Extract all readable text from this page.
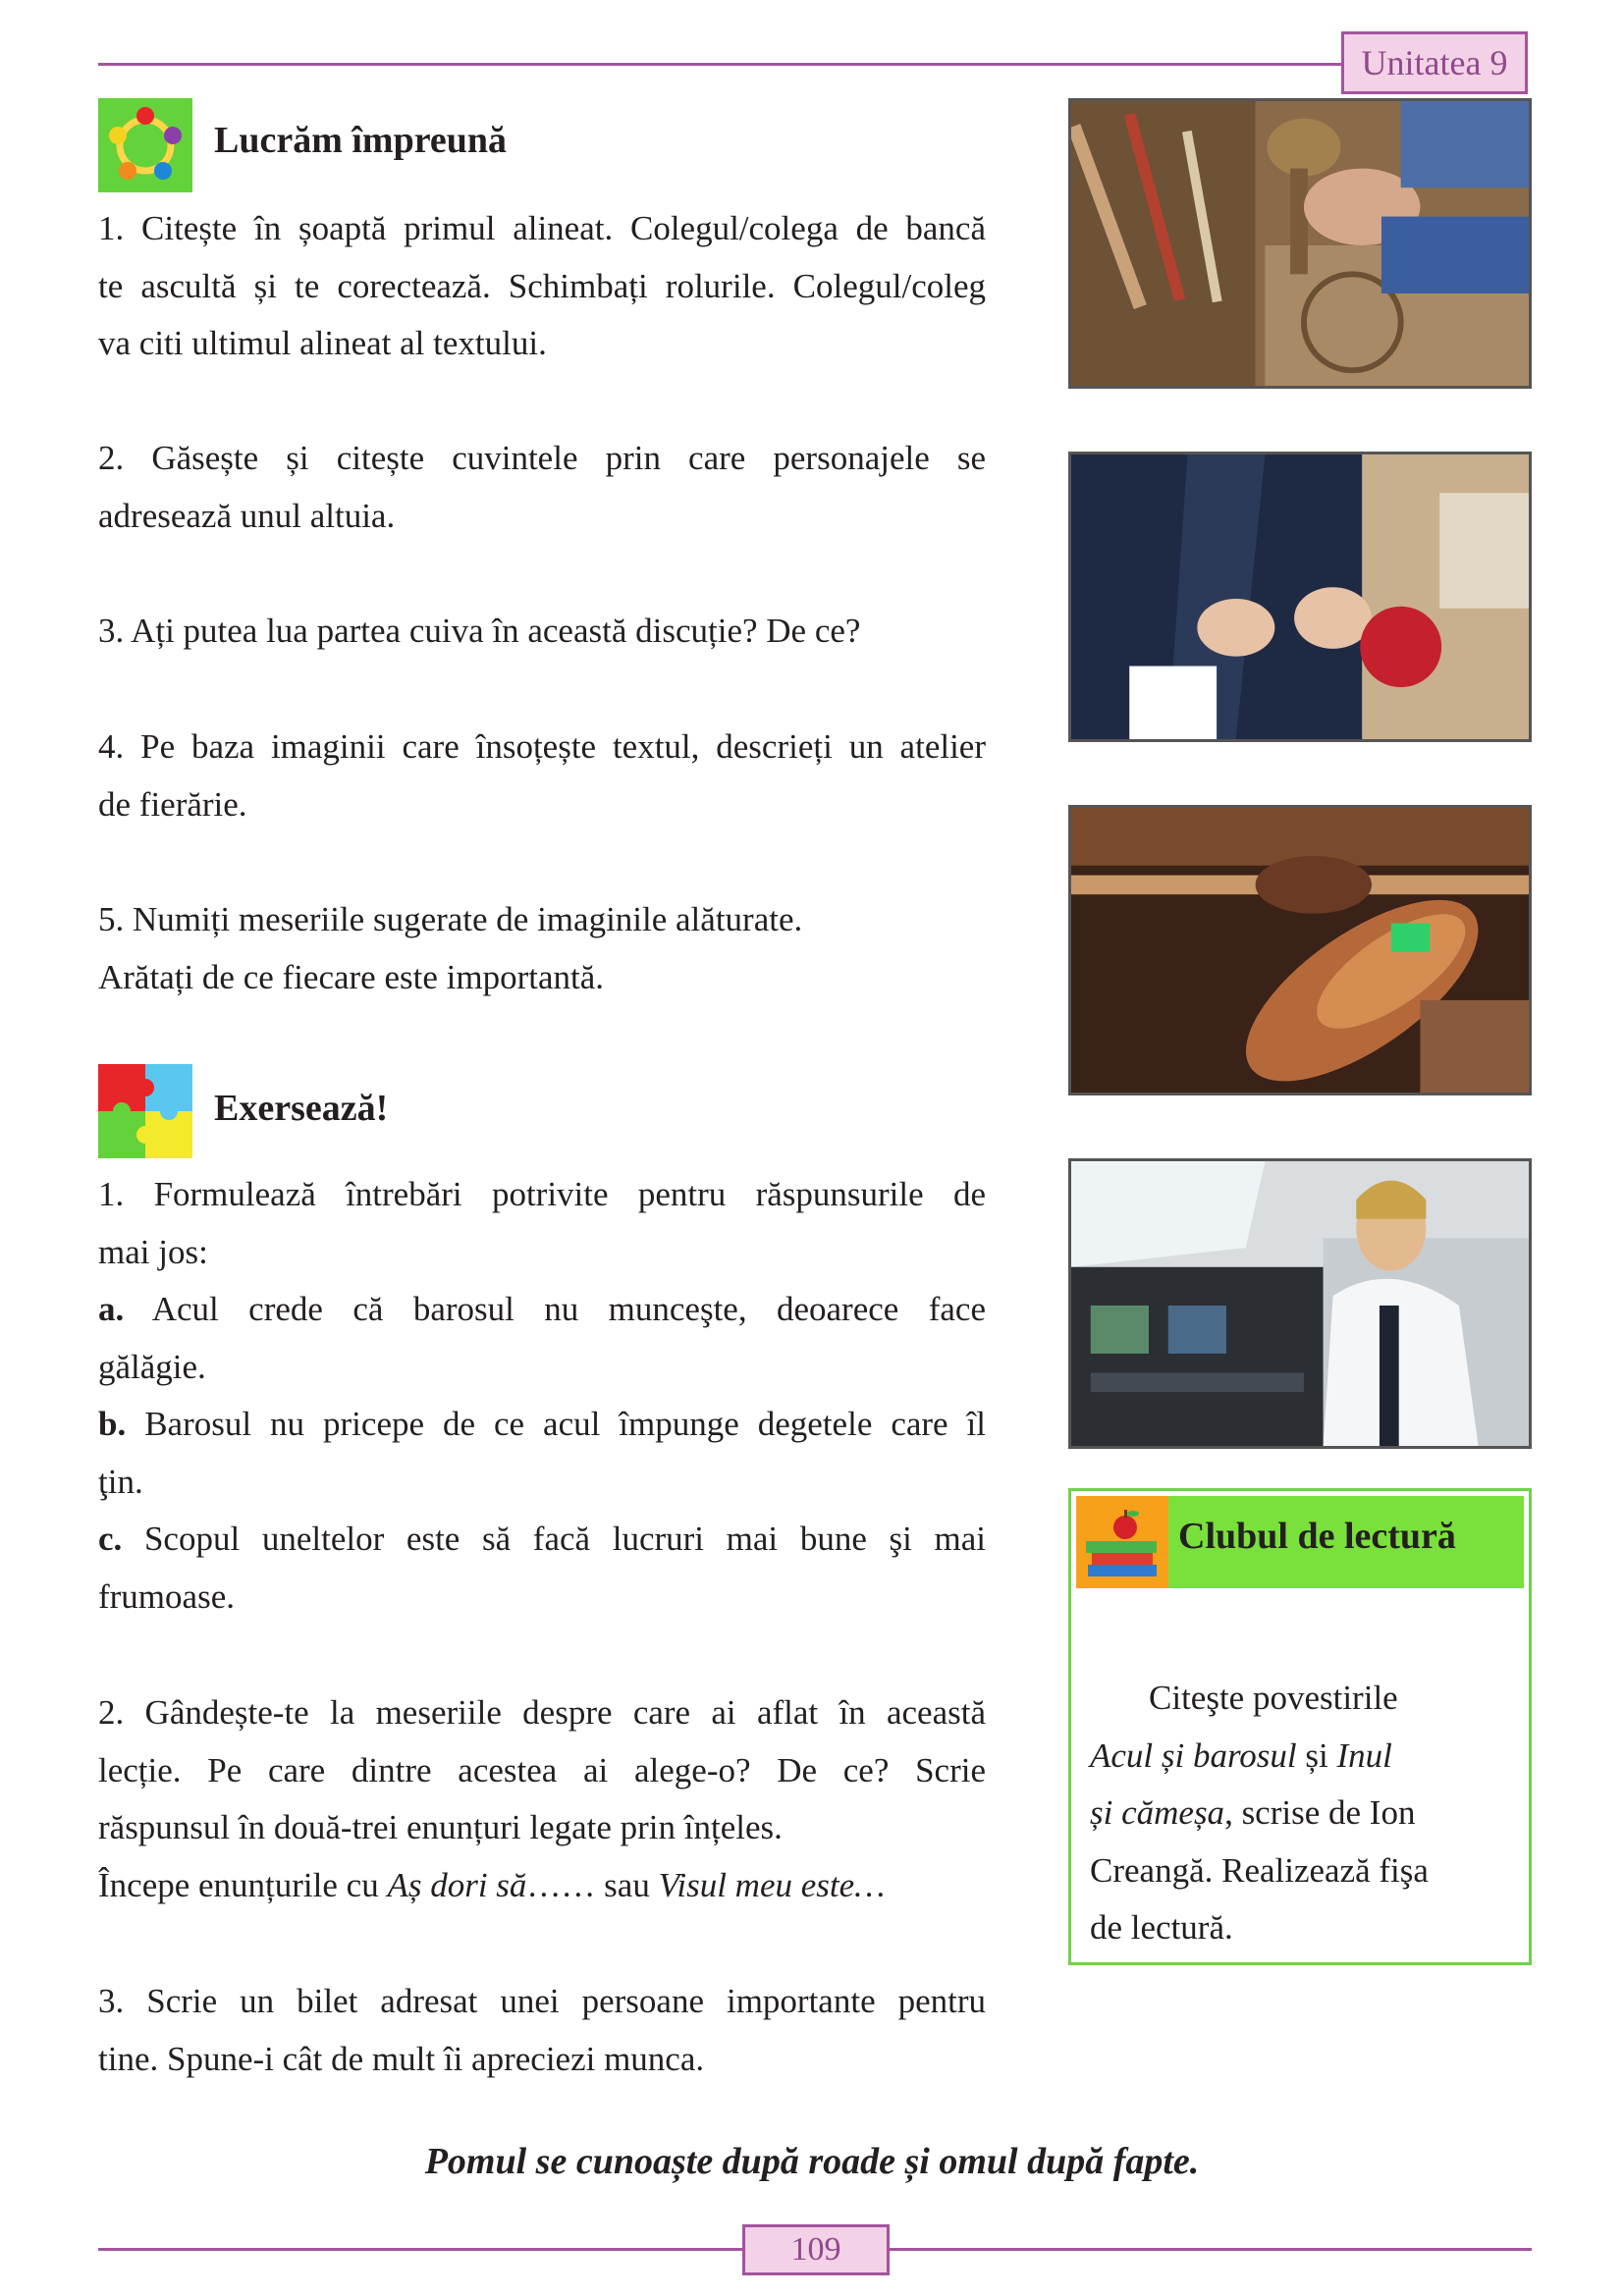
Unitatea 9
Lucrăm împreună
1. Citește în șoaptă primul alineat. Colegul/colega de bancă
te ascultă și te corectează. Schimbați rolurile. Colegul/coleg
va citi ultimul alineat al textului.
2. Găsește și citește cuvintele prin care personajele se
adresează unul altuia.
3. Ați putea lua partea cuiva în această discuție? De ce?
4. Pe baza imaginii care însoțește textul, descrieți un atelier
de fierărie.
5. Numiți meseriile sugerate de imaginile alăturate.
Arătați de ce fiecare este importantă.
Exersează!
1. Formulează întrebări potrivite pentru răspunsurile de
mai jos:
a. Acul crede că barosul nu munceşte, deoarece face
gălăgie.
b. Barosul nu pricepe de ce acul împunge degetele care îl
ţin.
c. Scopul uneltelor este să facă lucruri mai bune şi mai
frumoase.
2. Gândește-te la meseriile despre care ai aflat în această
lecție. Pe care dintre acestea ai alege-o? De ce? Scrie
răspunsul în două-trei enunțuri legate prin înțeles.
Începe enunțurile cu Aș dori să…… sau Visul meu este…
3. Scrie un bilet adresat unei persoane importante pentru
tine. Spune-i cât de mult îi apreciezi munca.
Clubul de lectură
Citeşte povestirile
Acul și barosul și Inul
și cămeșa, scrise de Ion
Creangă. Realizează fişa
de lectură.
Pomul se cunoaște după roade și omul după fapte.
109
